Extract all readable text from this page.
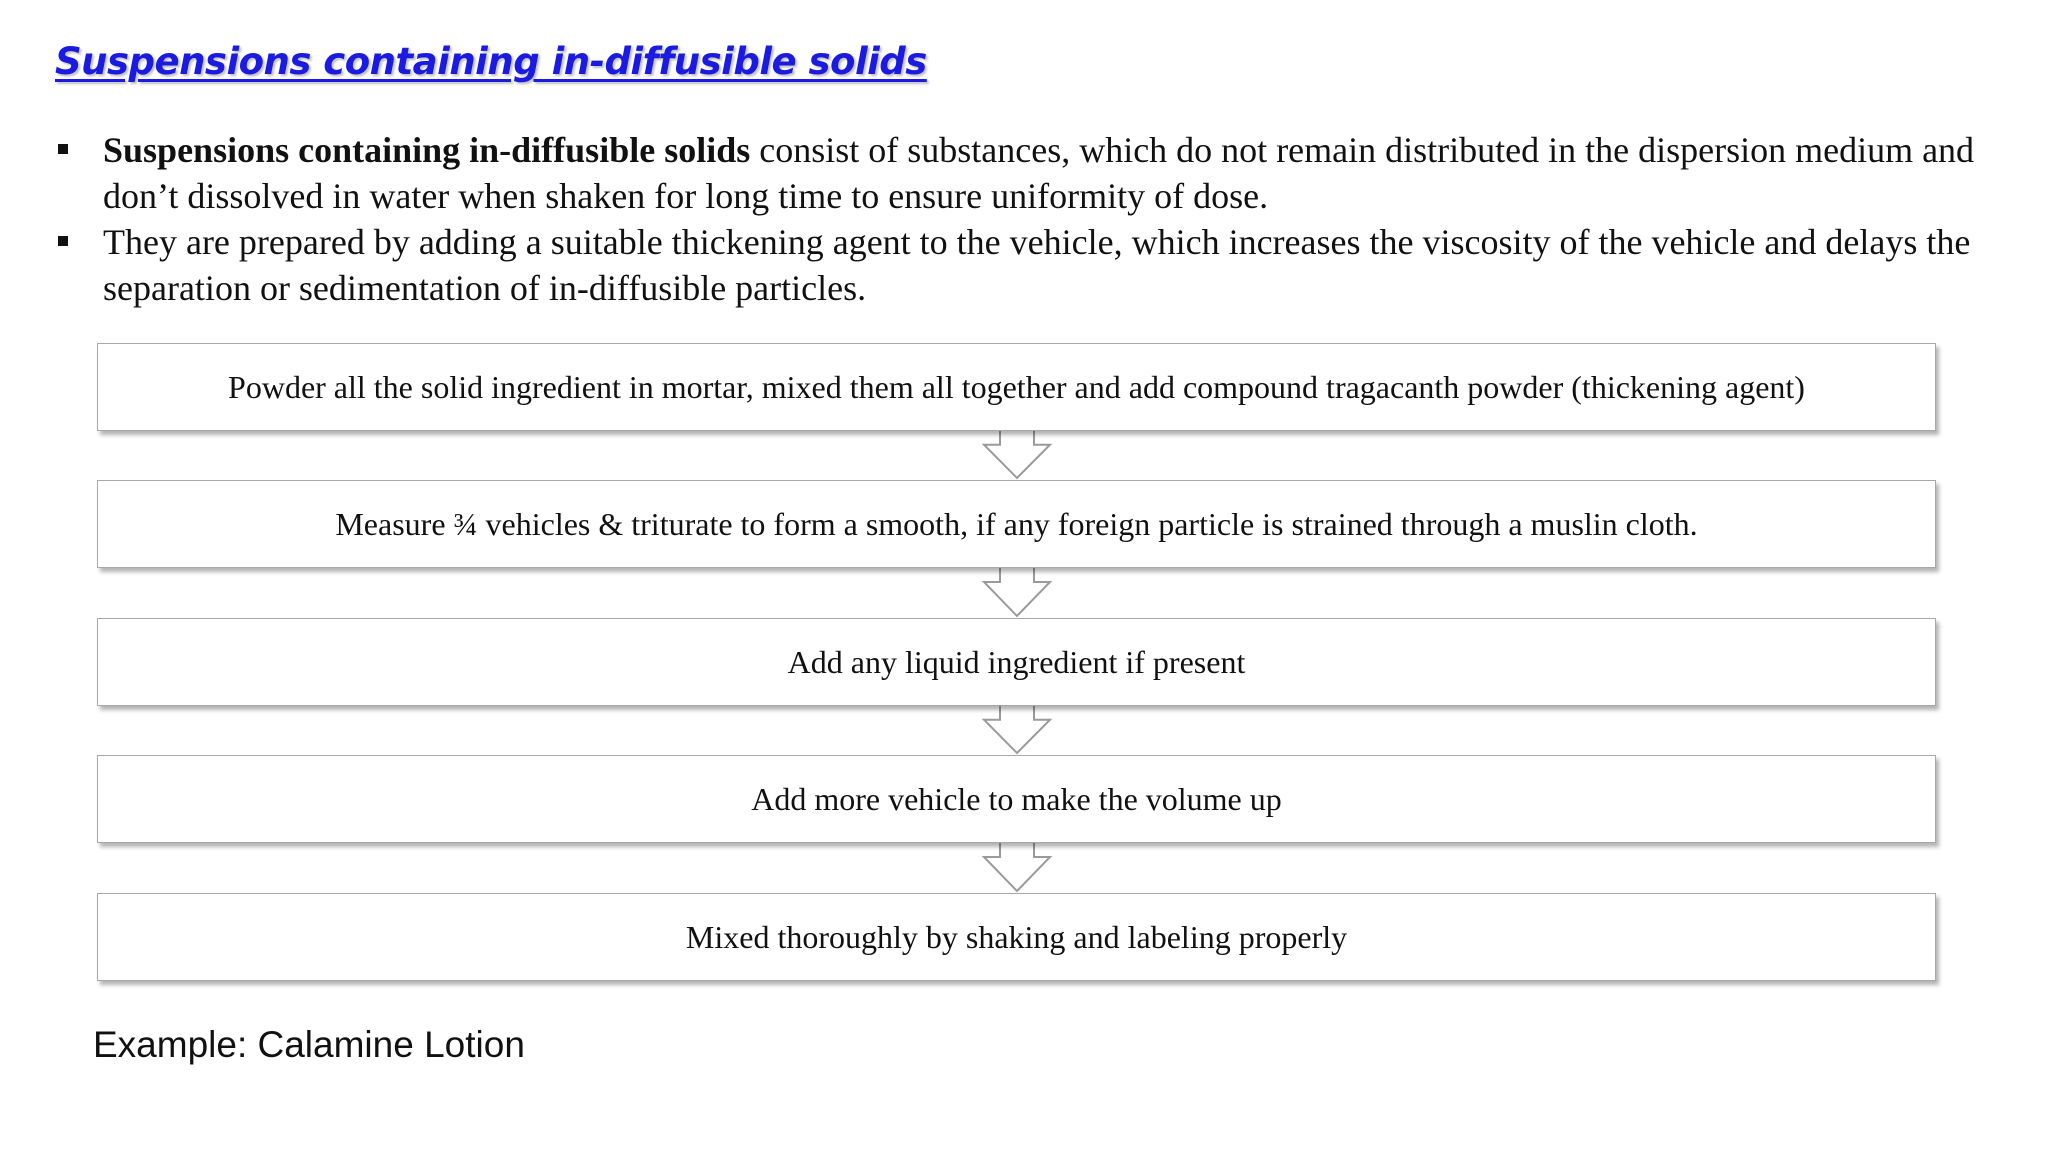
Suspensions containing in-diffusible solids
Suspensions containing in-diffusible solids consist of substances, which do not remain distributed in the dispersion medium and don’t dissolved in water when shaken for long time to ensure uniformity of dose.
They are prepared by adding a suitable thickening agent to the vehicle, which increases the viscosity of the vehicle and delays the separation or sedimentation of in-diffusible particles.
Powder all the solid ingredient in mortar, mixed them all together and add compound tragacanth powder (thickening agent)
Measure ¾ vehicles & triturate to form a smooth, if any foreign particle is strained through a muslin cloth.
Add any liquid ingredient if present
Add more vehicle to make the volume up
Mixed thoroughly by shaking and labeling properly
Example: Calamine Lotion
